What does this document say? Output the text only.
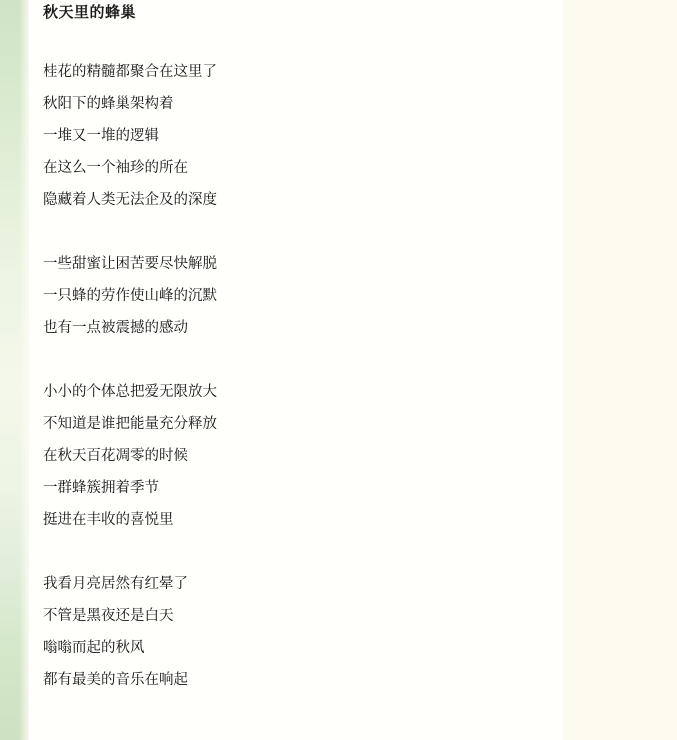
秋天里的蜂巢
桂花的精髓都聚合在这里了
秋阳下的蜂巢架构着
一堆又一堆的逻辑
在这么一个袖珍的所在
隐藏着人类无法企及的深度
一些甜蜜让困苦要尽快解脱
一只蜂的劳作使山峰的沉默
也有一点被震撼的感动
小小的个体总把爱无限放大
不知道是谁把能量充分释放
在秋天百花凋零的时候
一群蜂簇拥着季节
挺进在丰收的喜悦里
我看月亮居然有红晕了
不管是黑夜还是白天
嗡嗡而起的秋风
都有最美的音乐在响起
